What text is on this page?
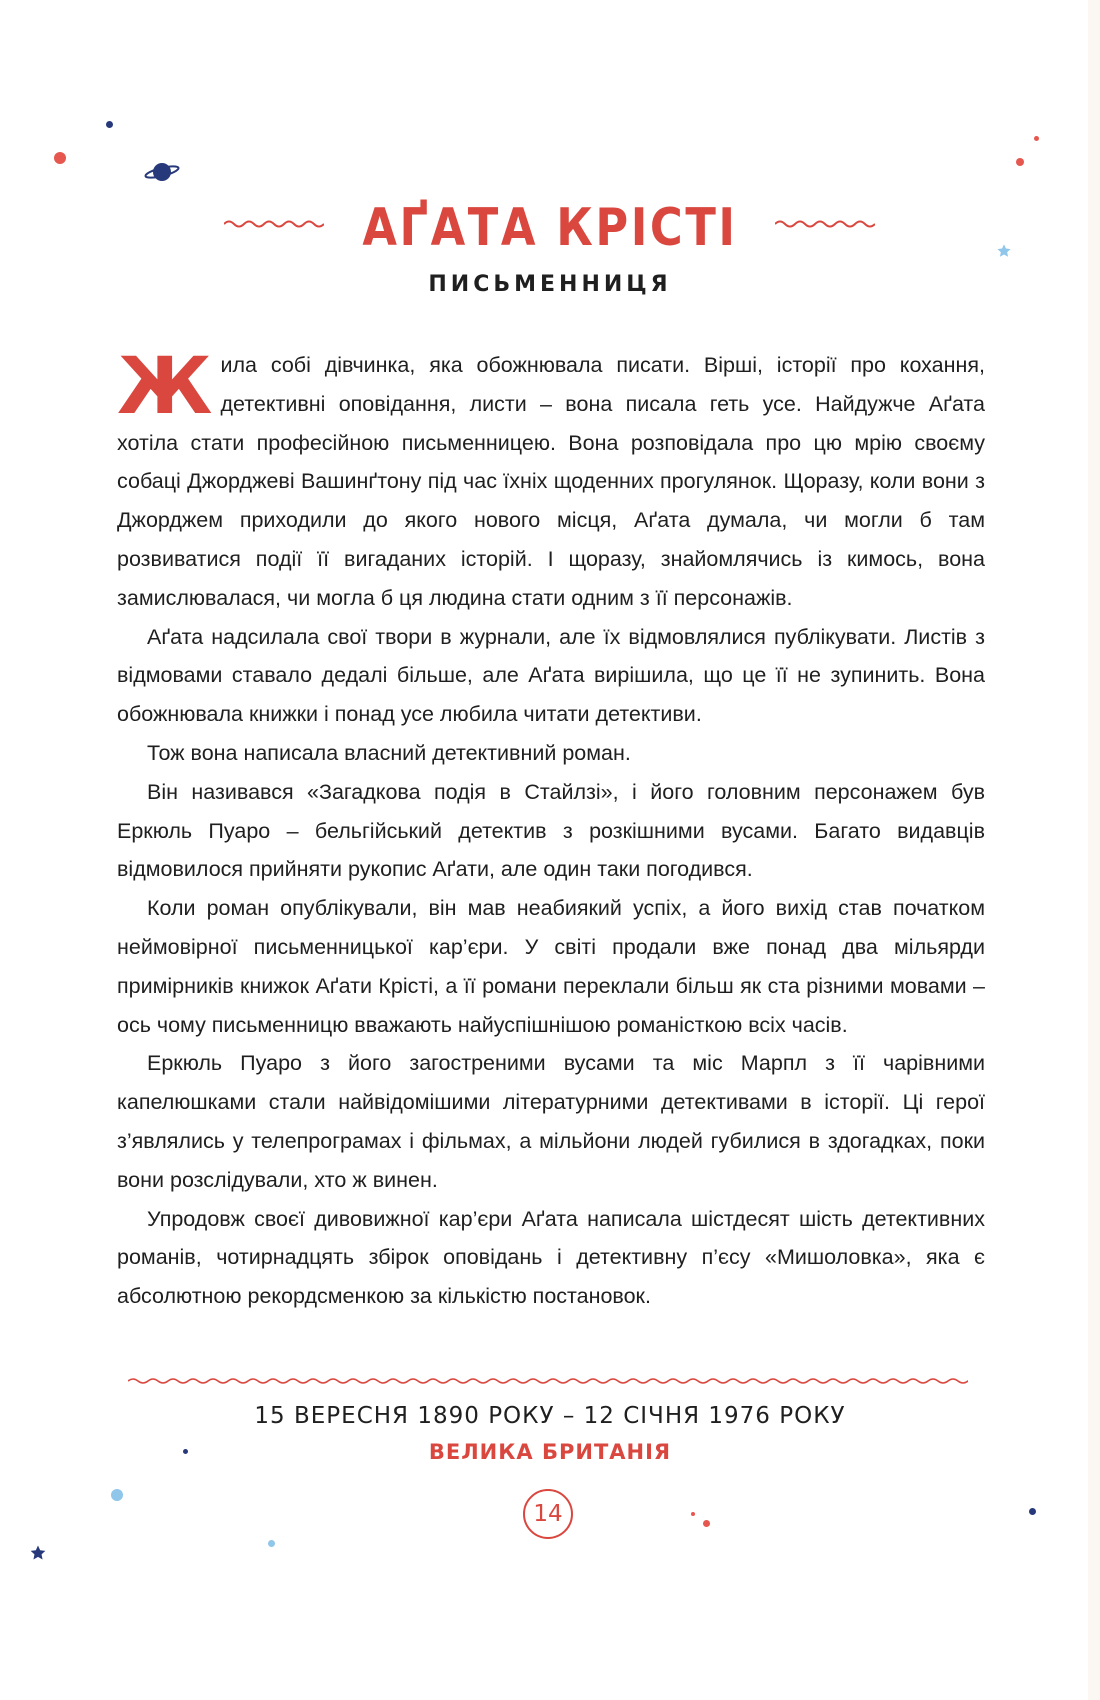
АҐАТА КРІСТІ
ПИСЬМЕННИЦЯ

Жила собі дівчинка, яка обожнювала писати. Вірші, історії про кохання, детективні оповідання, листи – вона писала геть усе. Найдужче Аґата хотіла стати професійною письменницею. Вона розповідала про цю мрію своєму собаці Джорджеві Вашинґтону під час їхніх щоденних прогулянок. Щоразу, коли вони з Джорджем приходили до якого нового місця, Аґата думала, чи могли б там розвиватися події її вигаданих історій. І щоразу, знайомлячись із кимось, вона замислювалася, чи могла б ця людина стати одним з її персонажів.

Аґата надсилала свої твори в журнали, але їх відмовлялися публікувати. Листів з відмовами ставало дедалі більше, але Аґата вирішила, що це її не зупинить. Вона обожнювала книжки і понад усе любила читати детективи.

Тож вона написала власний детективний роман.

Він називався «Загадкова подія в Стайлзі», і його головним персонажем був Еркюль Пуаро – бельгійський детектив з розкішними вусами. Багато видавців відмовилося прийняти рукопис Аґати, але один таки погодився.

Коли роман опублікували, він мав неабиякий успіх, а його вихід став початком неймовірної письменницької кар’єри. У світі продали вже понад два мільярди примірників книжок Аґати Крісті, а її романи переклали більш як ста різними мовами – ось чому письменницю вважають найуспішнішою романісткою всіх часів.

Еркюль Пуаро з його загостреними вусами та міс Марпл з її чарівними капелюшками стали найвідомішими літературними детективами в історії. Ці герої з’являлись у телепрограмах і фільмах, а мільйони людей губилися в здогадках, поки вони розслідували, хто ж винен.

Упродовж своєї дивовижної кар’єри Аґата написала шістдесят шість детективних романів, чотирнадцять збірок оповідань і детективну п’єсу «Мишоловка», яка є абсолютною рекордсменкою за кількістю постановок.

15 ВЕРЕСНЯ 1890 РОКУ – 12 СІЧНЯ 1976 РОКУ
ВЕЛИКА БРИТАНІЯ
14
